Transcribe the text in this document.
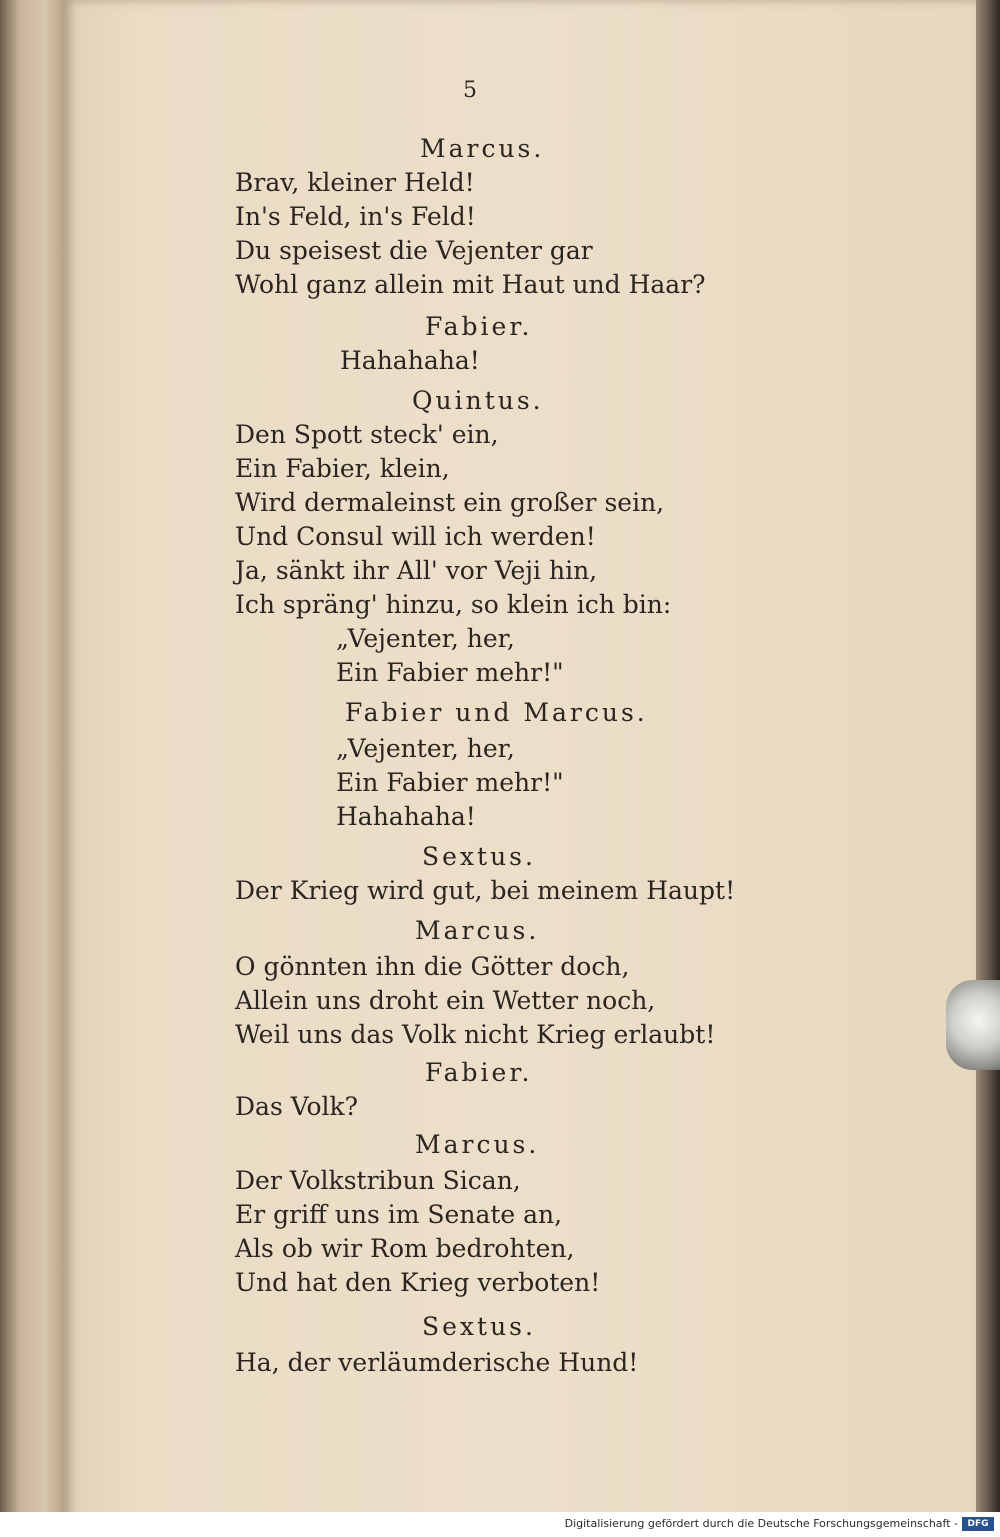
5
Marcus.
Brav, kleiner Held!
In's Feld, in's Feld!
Du speisest die Vejenter gar
Wohl ganz allein mit Haut und Haar?
Fabier.
Hahahaha!
Quintus.
Den Spott steck' ein,
Ein Fabier, klein,
Wird dermaleinst ein großer sein,
Und Consul will ich werden!
Ja, sänkt ihr All' vor Veji hin,
Ich spräng' hinzu, so klein ich bin:
„Vejenter, her,
Ein Fabier mehr!"
Fabier und Marcus.
„Vejenter, her,
Ein Fabier mehr!"
Hahahaha!
Sextus.
Der Krieg wird gut, bei meinem Haupt!
Marcus.
O gönnten ihn die Götter doch,
Allein uns droht ein Wetter noch,
Weil uns das Volk nicht Krieg erlaubt!
Fabier.
Das Volk?
Marcus.
Der Volkstribun Sican,
Er griff uns im Senate an,
Als ob wir Rom bedrohten,
Und hat den Krieg verboten!
Sextus.
Ha, der verläumderische Hund!
Digitalisierung gefördert durch die Deutsche Forschungsgemeinschaft -	DFG
